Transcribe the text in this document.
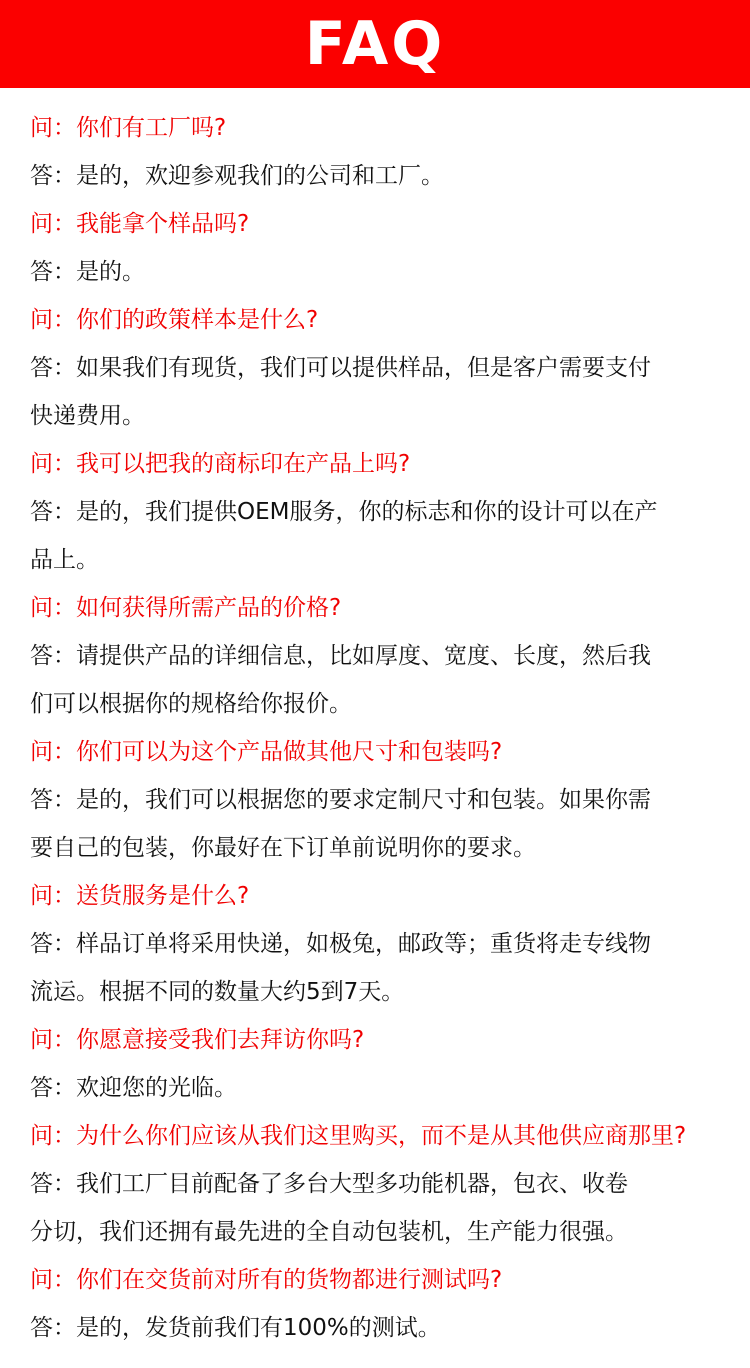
FAQ

问：你们有工厂吗?

答：是的，欢迎参观我们的公司和工厂。

问：我能拿个样品吗?

答：是的。

问：你们的政策样本是什么?

答：如果我们有现货，我们可以提供样品，但是客户需要支付
快递费用。

问：我可以把我的商标印在产品上吗?

答：是的，我们提供OEM服务，你的标志和你的设计可以在产
品上。

问：如何获得所需产品的价格?

答：请提供产品的详细信息，比如厚度、宽度、长度，然后我
们可以根据你的规格给你报价。

问：你们可以为这个产品做其他尺寸和包装吗?

答：是的，我们可以根据您的要求定制尺寸和包装。如果你需
要自己的包装，你最好在下订单前说明你的要求。

问：送货服务是什么?

答：样品订单将采用快递，如极兔，邮政等；重货将走专线物
流运。根据不同的数量大约5到7天。

问：你愿意接受我们去拜访你吗?

答：欢迎您的光临。

问：为什么你们应该从我们这里购买，而不是从其他供应商那里?

答：我们工厂目前配备了多台大型多功能机器，包衣、收卷
分切，我们还拥有最先进的全自动包装机，生产能力很强。

问：你们在交货前对所有的货物都进行测试吗?

答：是的，发货前我们有100%的测试。
